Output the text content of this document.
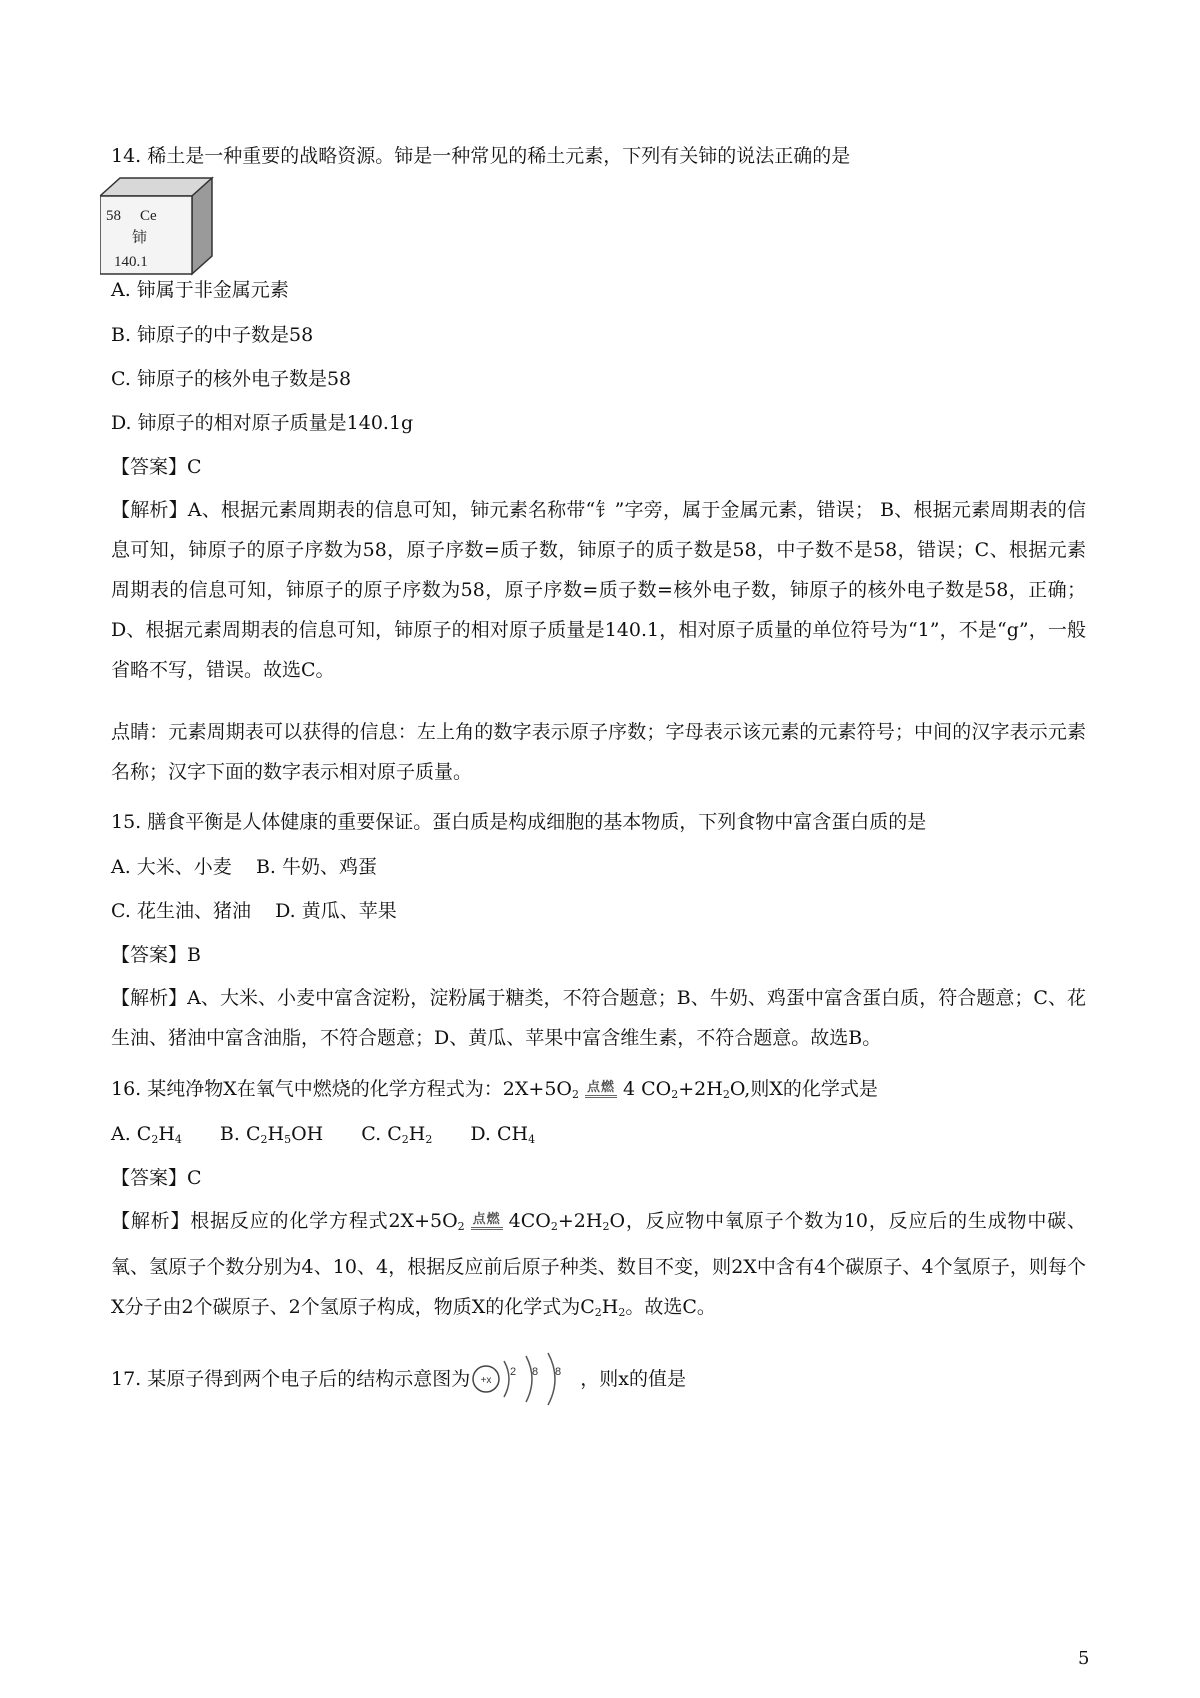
14. 稀土是一种重要的战略资源。铈是一种常见的稀土元素，下列有关铈的说法正确的是
58 Ce
铈
140.1
A. 铈属于非金属元素
B. 铈原子的中子数是58
C. 铈原子的核外电子数是58
D. 铈原子的相对原子质量是140.1g
【答案】C
【解析】A、根据元素周期表的信息可知，铈元素名称带“钅”字旁，属于金属元素，错误； B、根据元素周期表的信息可知，铈原子的原子序数为58，原子序数=质子数，铈原子的质子数是58，中子数不是58，错误；C、根据元素周期表的信息可知，铈原子的原子序数为58，原子序数=质子数=核外电子数，铈原子的核外电子数是58，正确；D、根据元素周期表的信息可知，铈原子的相对原子质量是140.1，相对原子质量的单位符号为“1”，不是“g”，一般省略不写，错误。故选C。
点睛：元素周期表可以获得的信息：左上角的数字表示原子序数；字母表示该元素的元素符号；中间的汉字表示元素名称；汉字下面的数字表示相对原子质量。
15. 膳食平衡是人体健康的重要保证。蛋白质是构成细胞的基本物质，下列食物中富含蛋白质的是
A. 大米、小麦    B. 牛奶、鸡蛋
C. 花生油、猪油    D. 黄瓜、苹果
【答案】B
【解析】A、大米、小麦中富含淀粉，淀粉属于糖类，不符合题意；B、牛奶、鸡蛋中富含蛋白质，符合题意；C、花生油、猪油中富含油脂，不符合题意；D、黄瓜、苹果中富含维生素，不符合题意。故选B。
16. 某纯净物X在氧气中燃烧的化学方程式为：$2X+5O_2$ 点燃 4 $CO_2+2H_2O$,则X的化学式是
A. $C_2H_4$ B. $C_2H_5OH$ C. $C_2H_2$ D. $CH_4$
【答案】C
【解析】根据反应的化学方程式$2X+5O_2$ 点燃 $4CO_2+2H_2O$，反应物中氧原子个数为10，反应后的生成物中碳、氧、氢原子个数分别为4、10、4，根据反应前后原子种类、数目不变，则2X中含有4个碳原子、4个氢原子，则每个X分子由2个碳原子、2个氢原子构成，物质X的化学式为$C_2H_2$。故选C。
17. 某原子得到两个电子后的结构示意图为 +x
2 8 8 ，则x的值是
5
